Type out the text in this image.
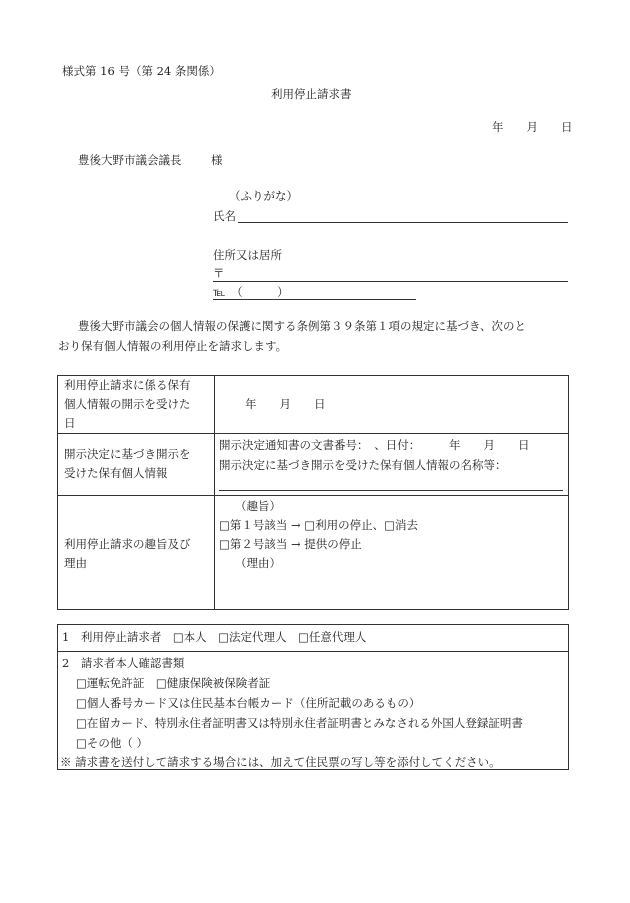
様式第 16 号（第 24 条関係）
利用停止請求書
年　　月　　日
豊後大野市議会議長	様
（ふりがな）
氏名
住所又は居所
〒
℡　（　　　）
豊後大野市議会の個人情報の保護に関する条例第３９条第１項の規定に基づき、次のと
おり保有個人情報の利用停止を請求します。
利用停止請求に係る保有
個人情報の開示を受けた
日
年　　月　　日
開示決定に基づき開示を
受けた保有個人情報
開示決定通知書の文書番号：　、日付：　　　年　　月　　日
開示決定に基づき開示を受けた保有個人情報の名称等：
利用停止請求の趣旨及び
理由
（趣旨）
□第１号該当 → □利用の停止、□消去
□第２号該当 → 提供の停止
（理由）
1　利用停止請求者　□本人　□法定代理人　□任意代理人
2　請求者本人確認書類
□運転免許証　□健康保険被保険者証
□個人番号カード又は住民基本台帳カード（住所記載のあるもの）
□在留カード、特別永住者証明書又は特別永住者証明書とみなされる外国人登録証明書
□その他（ ）
※ 請求書を送付して請求する場合には、加えて住民票の写し等を添付してください。
